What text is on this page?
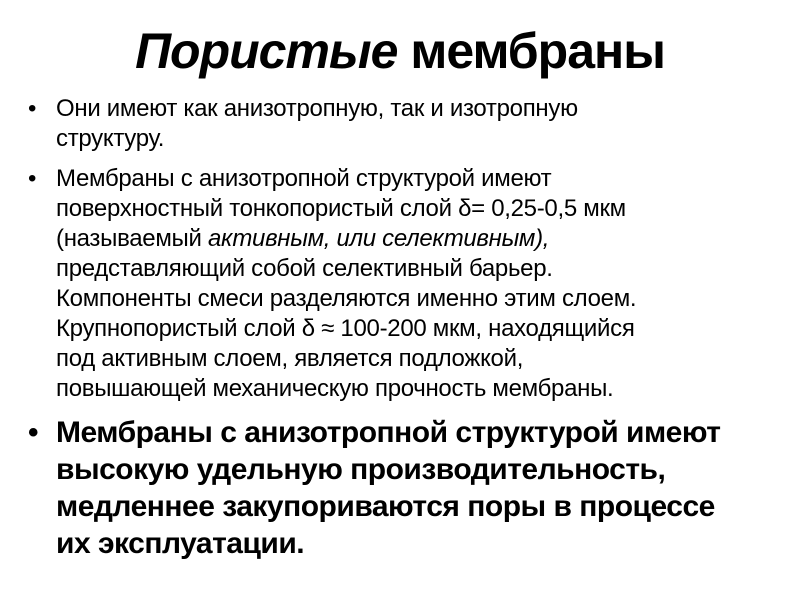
Пористые мембраны
• Они имеют как анизотропную, так и изотропную
структуру.
• Мембраны с анизотропной структурой имеют
поверхностный тонкопористый слой δ= 0,25-0,5 мкм
(называемый активным, или селективным),
представляющий собой селективный барьер.
Компоненты смеси разделяются именно этим слоем.
Крупнопористый слой δ ≈ 100-200 мкм, находящийся
под активным слоем, является подложкой,
повышающей механическую прочность мембраны.
• Мембраны с анизотропной структурой имеют
высокую удельную производительность,
медленнее закупориваются поры в процессе
их эксплуатации.
